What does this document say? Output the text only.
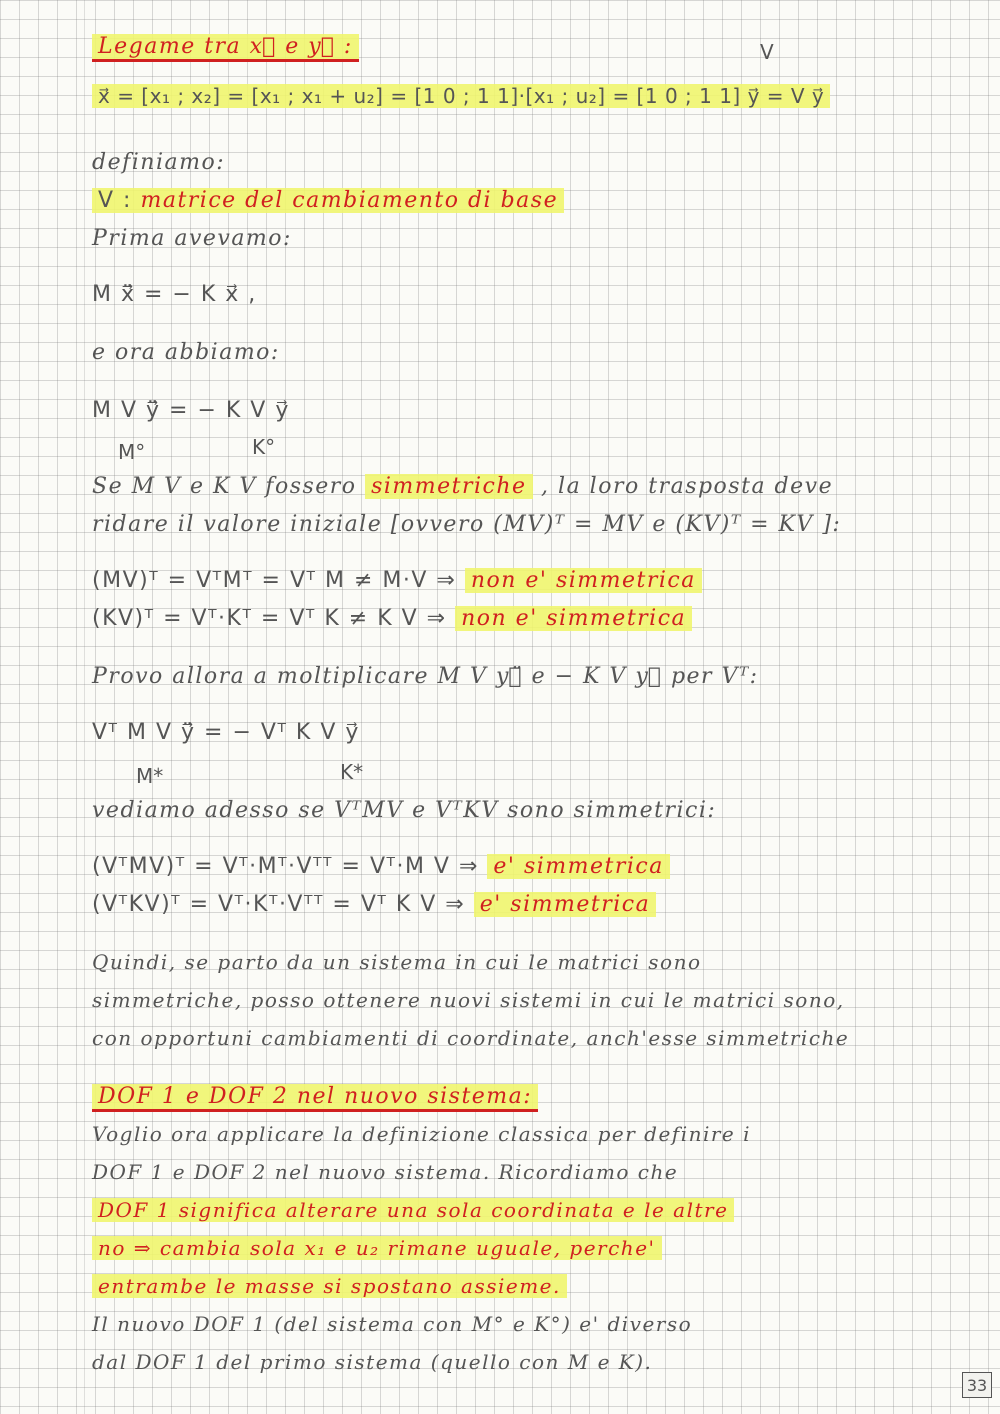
Legame tra x⃗ e y⃗ :
x⃗ = [x₁ ; x₂] = [x₁ ; x₁ + u₂] = [1 0 ; 1 1]·[x₁ ; u₂] = [1 0 ; 1 1] y⃗ = V y⃗
V
definiamo:
V : matrice del cambiamento di base
Prima avevamo:
M x⃗̈ = − K x⃗ ,
e ora abbiamo:
M V y⃗̈ = − K V y⃗
M°	K°
Se M V e K V fossero simmetriche , la loro trasposta deve
ridare il valore iniziale [ovvero (MV)ᵀ = MV e (KV)ᵀ = KV ]:
(MV)ᵀ = VᵀMᵀ = Vᵀ M ≠ M·V ⇒ non e' simmetrica
(KV)ᵀ = Vᵀ·Kᵀ = Vᵀ K ≠ K V ⇒ non e' simmetrica
Provo allora a moltiplicare M V y⃗̈ e − K V y⃗ per Vᵀ:
Vᵀ M V y⃗̈ = − Vᵀ K V y⃗
M*	K*
vediamo adesso se VᵀMV e VᵀKV sono simmetrici:
(VᵀMV)ᵀ = Vᵀ·Mᵀ·Vᵀᵀ = Vᵀ·M V ⇒ e' simmetrica
(VᵀKV)ᵀ = Vᵀ·Kᵀ·Vᵀᵀ = Vᵀ K V ⇒ e' simmetrica
Quindi, se parto da un sistema in cui le matrici sono
simmetriche, posso ottenere nuovi sistemi in cui le matrici sono,
con opportuni cambiamenti di coordinate, anch'esse simmetriche
DOF 1 e DOF 2 nel nuovo sistema:
Voglio ora applicare la definizione classica per definire i
DOF 1 e DOF 2 nel nuovo sistema. Ricordiamo che
DOF 1 significa alterare una sola coordinata e le altre
no ⇒ cambia sola x₁ e u₂ rimane uguale, perche'
entrambe le masse si spostano assieme.
Il nuovo DOF 1 (del sistema con M° e K°) e' diverso
dal DOF 1 del primo sistema (quello con M e K).
33
